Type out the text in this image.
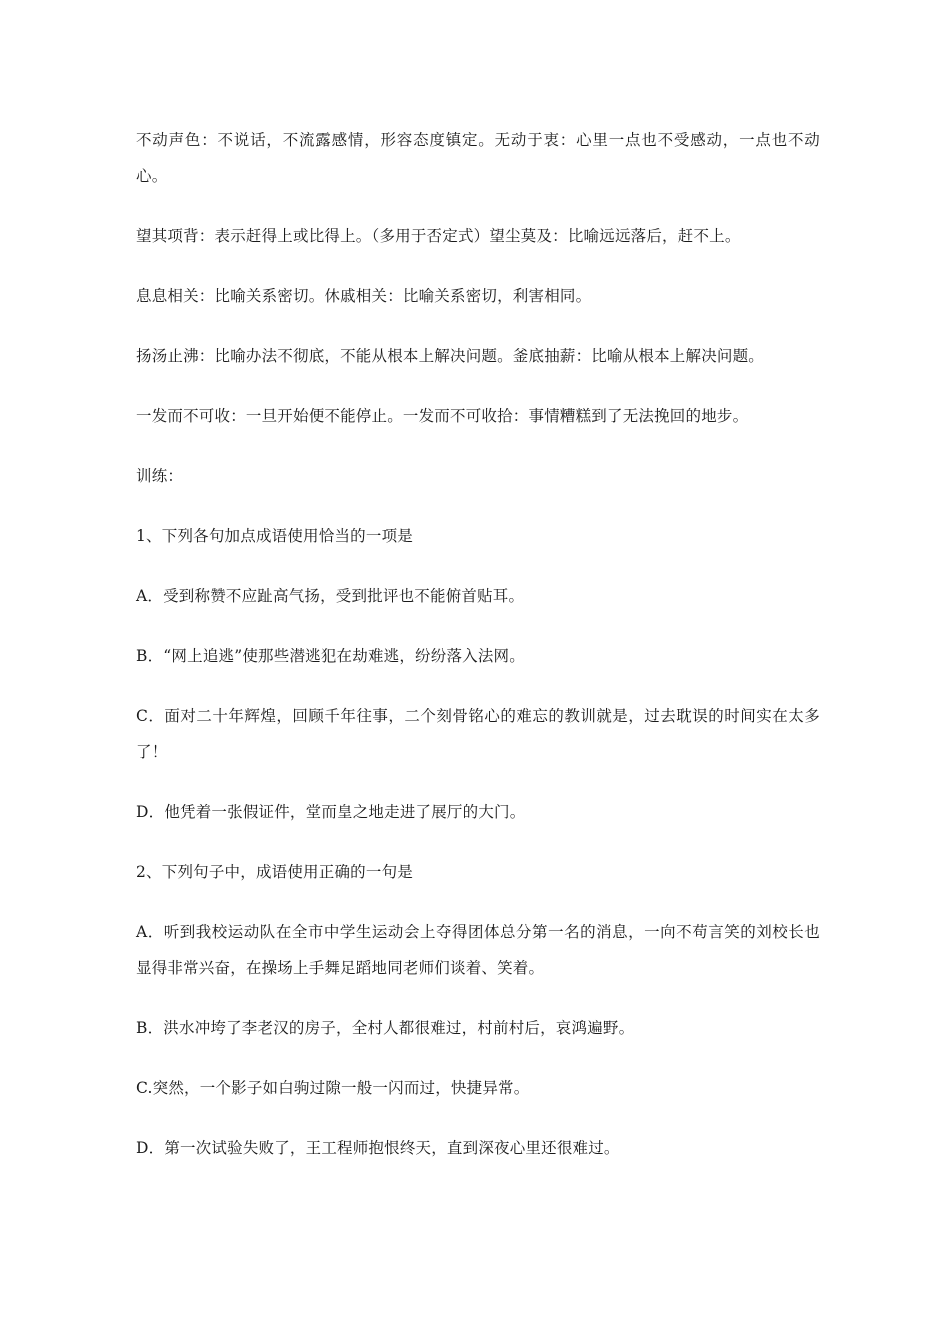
不动声色：不说话，不流露感情，形容态度镇定。无动于衷：心里一点也不受感动，一点也不动心。

望其项背：表示赶得上或比得上。（多用于否定式）望尘莫及：比喻远远落后，赶不上。

息息相关：比喻关系密切。休戚相关：比喻关系密切，利害相同。

扬汤止沸：比喻办法不彻底，不能从根本上解决问题。釜底抽薪：比喻从根本上解决问题。

一发而不可收：一旦开始便不能停止。一发而不可收拾：事情糟糕到了无法挽回的地步。

训练：

1、下列各句加点成语使用恰当的一项是

A．受到称赞不应趾高气扬，受到批评也不能俯首贴耳。

B．“网上追逃”使那些潜逃犯在劫难逃，纷纷落入法网。

C．面对二十年辉煌，回顾千年往事，二个刻骨铭心的难忘的教训就是，过去耽误的时间实在太多了！

D．他凭着一张假证件，堂而皇之地走进了展厅的大门。

2、下列句子中，成语使用正确的一句是

A．听到我校运动队在全市中学生运动会上夺得团体总分第一名的消息，一向不苟言笑的刘校长也显得非常兴奋，在操场上手舞足蹈地同老师们谈着、笑着。

B．洪水冲垮了李老汉的房子，全村人都很难过，村前村后，哀鸿遍野。

C.突然，一个影子如白驹过隙一般一闪而过，快捷异常。

D．第一次试验失败了，王工程师抱恨终天，直到深夜心里还很难过。
